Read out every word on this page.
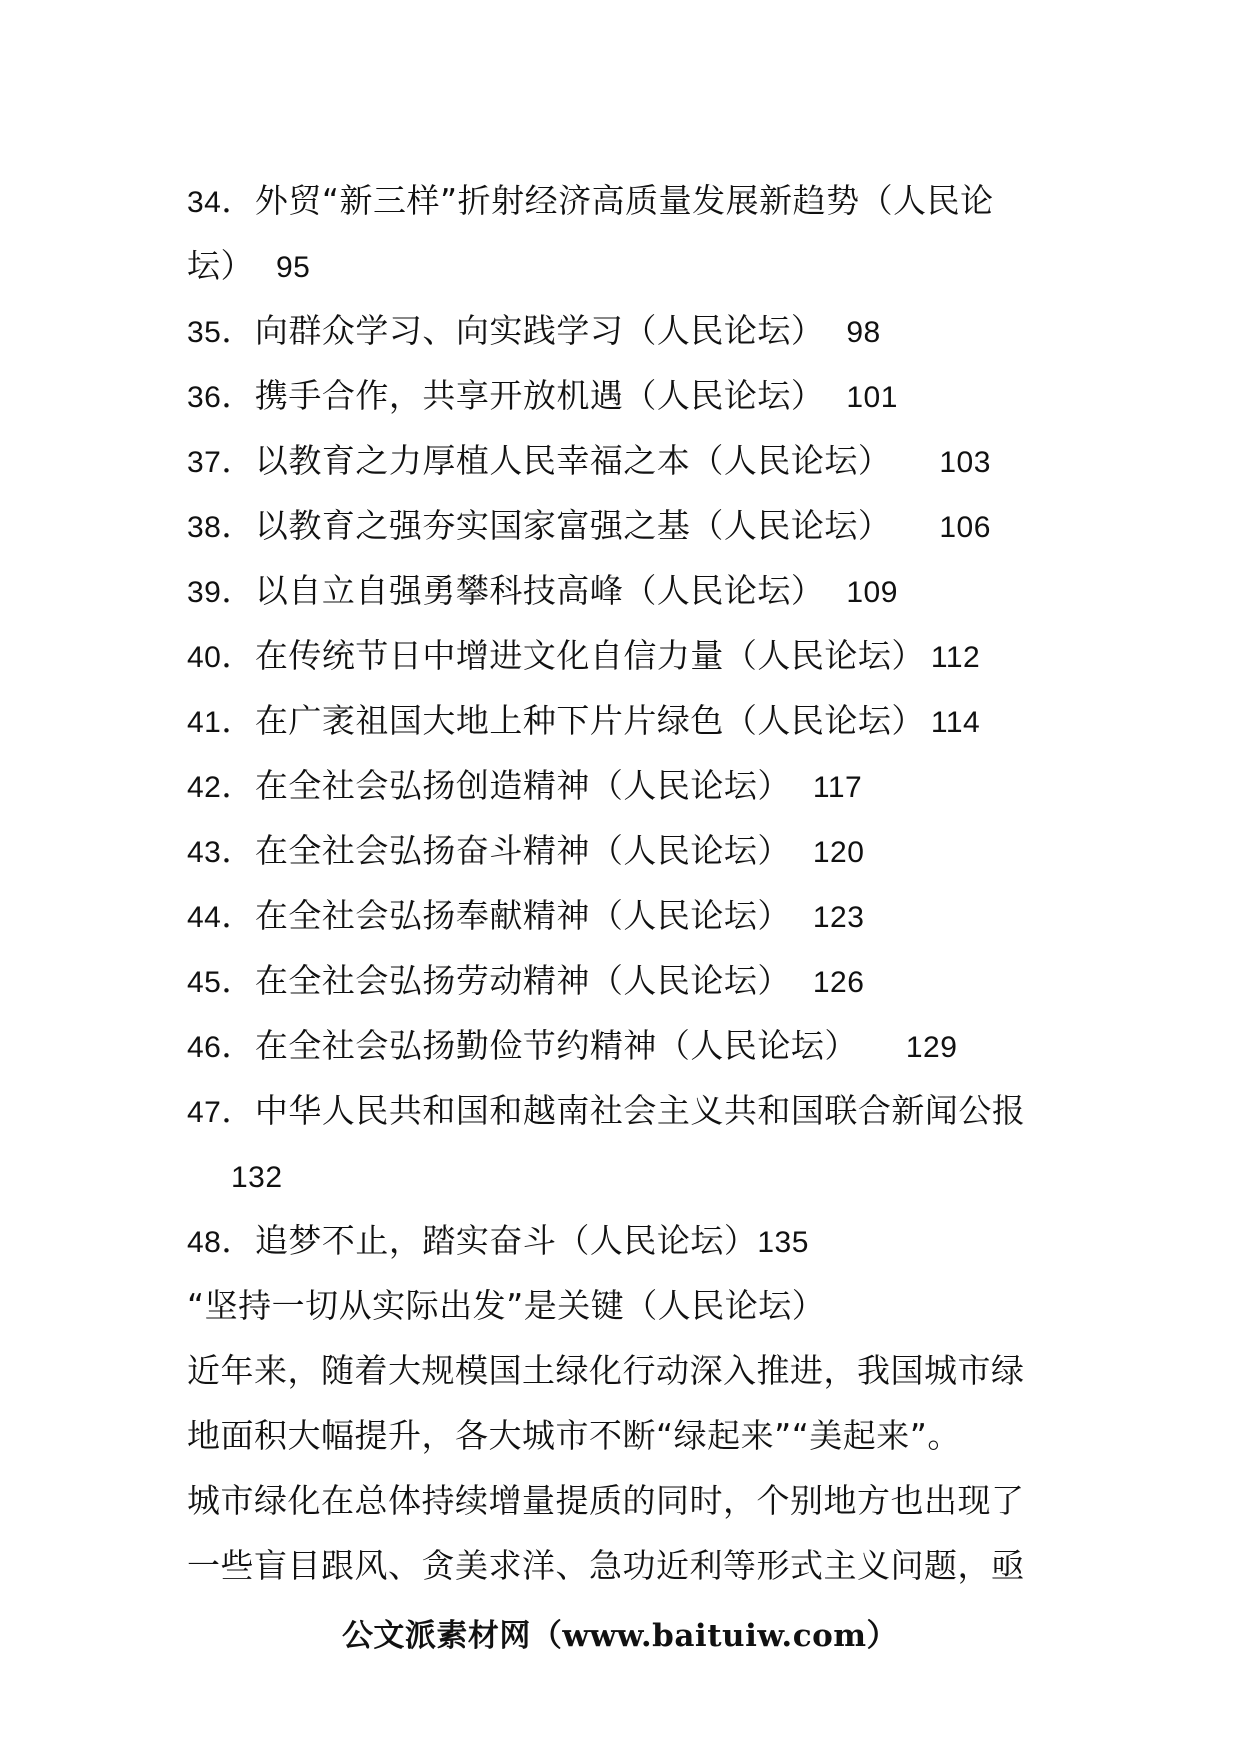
34．外贸“新三样”折射经济高质量发展新趋势（人民论
坛） 95
35．向群众学习、向实践学习（人民论坛） 98
36．携手合作，共享开放机遇（人民论坛） 101
37．以教育之力厚植人民幸福之本（人民论坛） 103
38．以教育之强夯实国家富强之基（人民论坛） 106
39．以自立自强勇攀科技高峰（人民论坛） 109
40．在传统节日中增进文化自信力量（人民论坛） 112
41．在广袤祖国大地上种下片片绿色（人民论坛） 114
42．在全社会弘扬创造精神（人民论坛） 117
43．在全社会弘扬奋斗精神（人民论坛） 120
44．在全社会弘扬奉献精神（人民论坛） 123
45．在全社会弘扬劳动精神（人民论坛） 126
46．在全社会弘扬勤俭节约精神（人民论坛） 129
47．中华人民共和国和越南社会主义共和国联合新闻公报
132
48．追梦不止，踏实奋斗（人民论坛）135
“坚持一切从实际出发”是关键（人民论坛）
近年来，随着大规模国土绿化行动深入推进，我国城市绿
地面积大幅提升，各大城市不断“绿起来”“美起来”。
城市绿化在总体持续增量提质的同时，个别地方也出现了
一些盲目跟风、贪美求洋、急功近利等形式主义问题，亟
公文派素材网（www.baituiw.com）
